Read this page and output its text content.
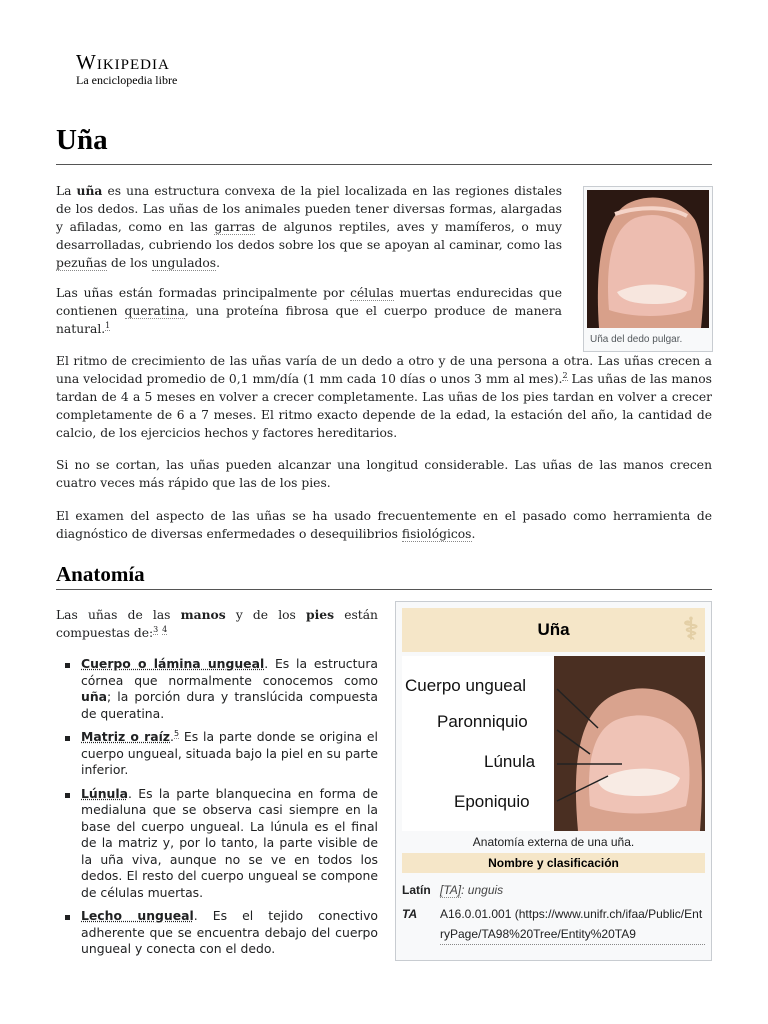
Wikipedia
La enciclopedia libre
Uña
Uña del dedo pulgar.

La uña es una estructura convexa de la piel localizada en las regiones distales de los dedos. Las uñas de los animales pueden tener diversas formas, alargadas y afiladas, como en las garras de algunos reptiles, aves y mamíferos, o muy desarrolladas, cubriendo los dedos sobre los que se apoyan al caminar, como las pezuñas de los ungulados.

Las uñas están formadas principalmente por células muertas endurecidas que contienen queratina, una proteína fibrosa que el cuerpo produce de manera natural.$^1$

El ritmo de crecimiento de las uñas varía de un dedo a otro y de una persona a otra. Las uñas crecen a una velocidad promedio de 0,1 mm/día (1 mm cada 10 días o unos 3 mm al mes).$^2$ Las uñas de las manos tardan de 4 a 5 meses en volver a crecer completamente. Las uñas de los pies tardan en volver a crecer completamente de 6 a 7 meses. El ritmo exacto depende de la edad, la estación del año, la cantidad de calcio, de los ejercicios hechos y factores hereditarios.

Si no se cortan, las uñas pueden alcanzar una longitud considerable. Las uñas de las manos crecen cuatro veces más rápido que las de los pies.

El examen del aspecto de las uñas se ha usado frecuentemente en el pasado como herramienta de diagnóstico de diversas enfermedades o desequilibrios fisiológicos.

Anatomía

Las uñas de las manos y de los pies están compuestas de:$^3$ $^4$

Cuerpo o lámina ungueal. Es la estructura córnea que normalmente conocemos como uña; la porción dura y translúcida compuesta de queratina.
Matriz o raíz.$^5$ Es la parte donde se origina el cuerpo ungueal, situada bajo la piel en su parte inferior.
Lúnula. Es la parte blanquecina en forma de medialuna que se observa casi siempre en la base del cuerpo ungueal. La lúnula es el final de la matriz y, por lo tanto, la parte visible de la uña viva, aunque no se ve en todos los dedos. El resto del cuerpo ungueal se compone de células muertas.
Lecho ungueal. Es el tejido conectivo adherente que se encuentra debajo del cuerpo ungueal y conecta con el dedo.
Uña	⚕
Cuerpo ungueal
Paronniquio
Lúnula
Eponiquio
Anatomía externa de una uña.
Nombre y clasificación
Latín [TA]: unguis
TA	A16.0.01.001 (https://www.unifr.ch/ifaa/Public/EntryPage/TA98%20Tree/Entity%20TA9
